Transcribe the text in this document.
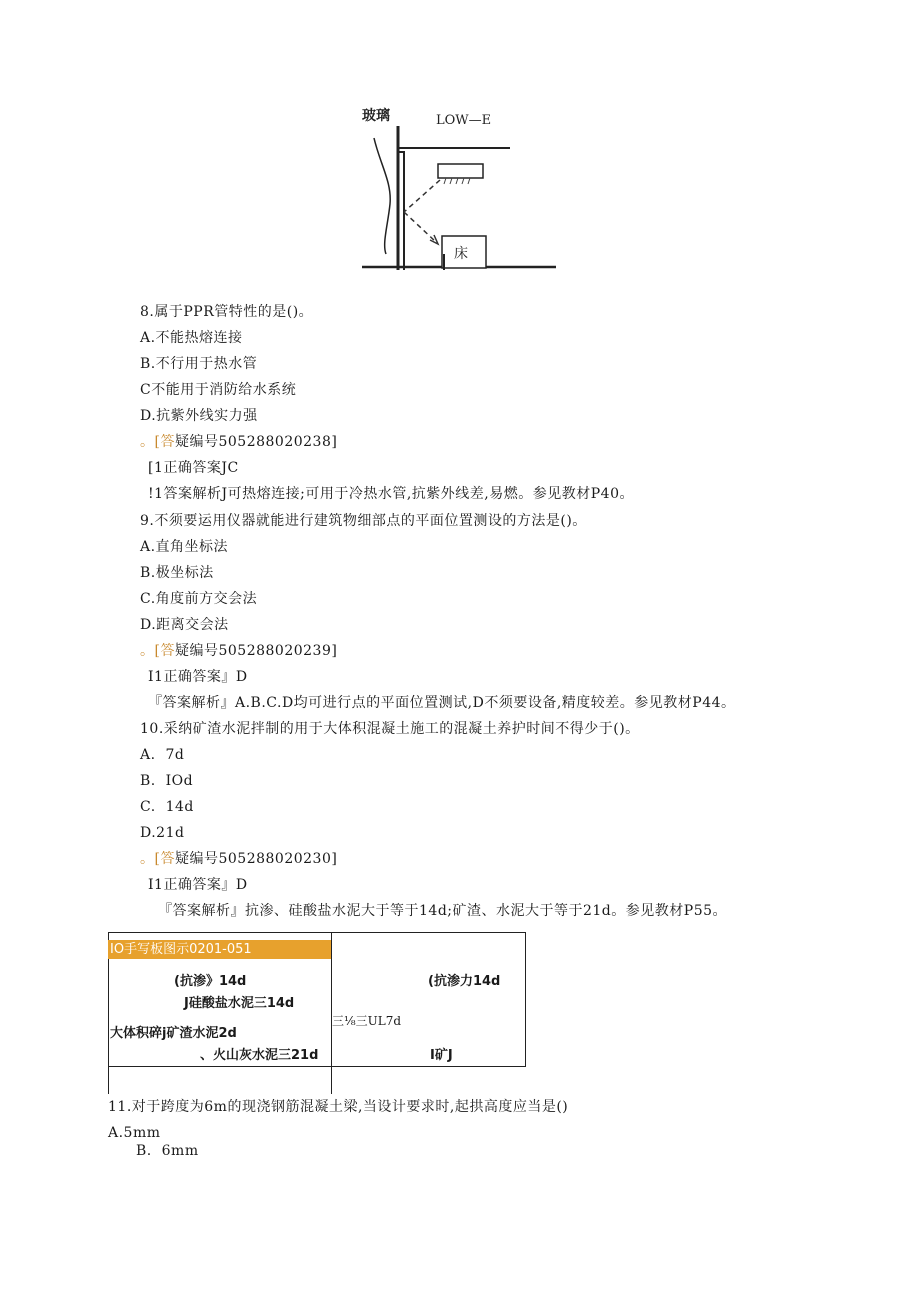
玻璃	LOW—E
床
8.属于PPR管特性的是()。
A.不能热熔连接
B.不行用于热水管
C不能用于消防给水系统
D.抗紫外线实力强
。[答疑编号505288020238]
[1正确答案JC
!1答案解析J可热熔连接;可用于冷热水管,抗紫外线差,易燃。参见教材P40。
9.不须要运用仪器就能进行建筑物细部点的平面位置测设的方法是()。
A.直角坐标法
B.极坐标法
C.角度前方交会法
D.距离交会法
。[答疑编号505288020239]
I1正确答案』D
『答案解析』A.B.C.D均可进行点的平面位置测试,D不须要设备,精度较差。参见教材P44。
10.采纳矿渣水泥拌制的用于大体积混凝土施工的混凝土养护时间不得少于()。
A.  7d
B.  IOd
C.  14d
D.21d
。[答疑编号505288020230]
I1正确答案』D
『答案解析』抗渗、硅酸盐水泥大于等于14d;矿渣、水泥大于等于21d。参见教材P55。
IO手写板图示0201-051
(抗渗》14d
J硅酸盐水泥三14d
大体积碎j矿渣水泥2d
、火山灰水泥三21d
(抗渗力14d
三⅛三UL7d
I矿J
11.对于跨度为6m的现浇钢筋混凝土梁,当设计要求时,起拱高度应当是()
A.5mm
B.  6mm
